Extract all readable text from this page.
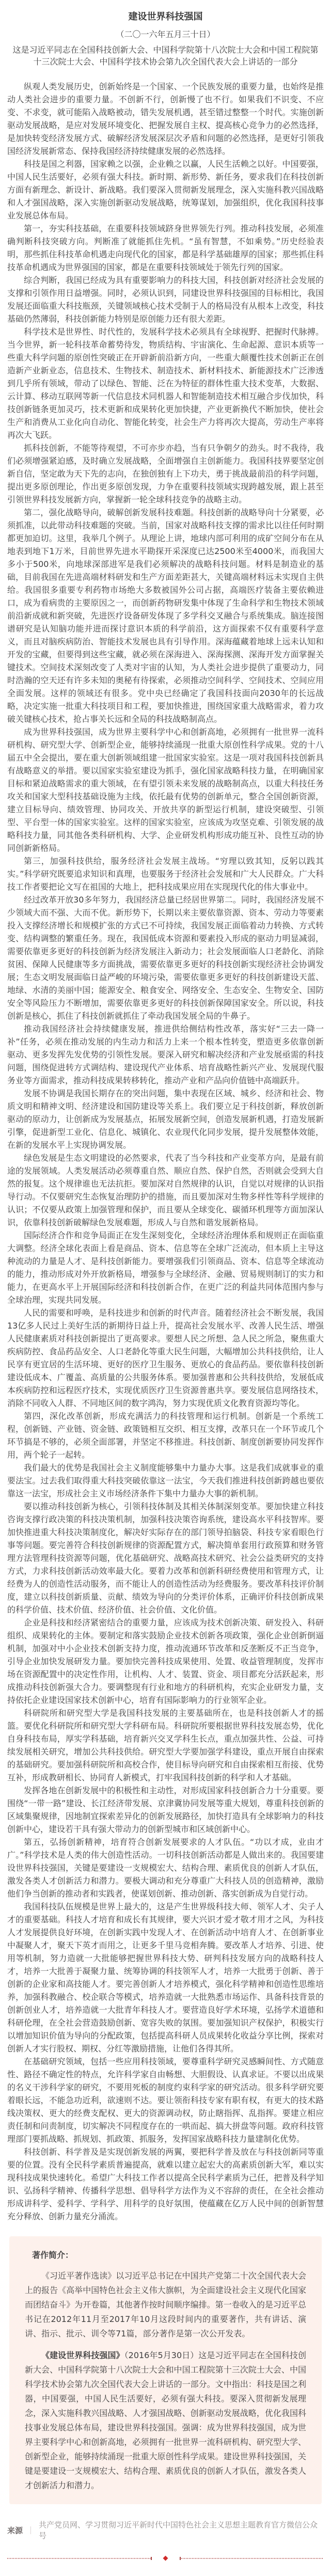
建设世界科技强国
（二〇一六年五月三十日）
这是习近平同志在全国科技创新大会、中国科学院第十八次院士大会和中国工程院第十三次院士大会、中国科学技术协会第九次全国代表大会上讲话的一部分

纵观人类发展历史，创新始终是一个国家、一个民族发展的重要力量，也始终是推动人类社会进步的重要力量。不创新不行，创新慢了也不行。如果我们不识变、不应变、不求变，就可能陷入战略被动，错失发展机遇，甚至错过整整一个时代。实施创新驱动发展战略，是应对发展环境变化、把握发展自主权、提高核心竞争力的必然选择，是加快转变经济发展方式、破解经济发展深层次矛盾和问题的必然选择，是更好引领我国经济发展新常态、保持我国经济持续健康发展的必然选择。

科技是国之利器，国家赖之以强，企业赖之以赢，人民生活赖之以好。中国要强，中国人民生活要好，必须有强大科技。新时期、新形势、新任务，要求我们在科技创新方面有新理念、新设计、新战略。我们要深入贯彻新发展理念，深入实施科教兴国战略和人才强国战略，深入实施创新驱动发展战略，统筹谋划，加强组织，优化我国科技事业发展总体布局。

第一，夯实科技基础，在重要科技领域跻身世界领先行列。推动科技发展，必须准确判断科技突破方向。判断准了就能抓住先机。“虽有智慧，不如乘势。”历史经验表明，那些抓住科技革命机遇走向现代化的国家，都是科学基础雄厚的国家；那些抓住科技革命机遇成为世界强国的国家，都是在重要科技领域处于领先行列的国家。

综合判断，我国已经成为具有重要影响力的科技大国，科技创新对经济社会发展的支撑和引领作用日益增强。同时，必须认识到，同建设世界科技强国的目标相比，我国发展还面临重大科技瓶颈，关键领域核心技术受制于人的格局没有从根本上改变，科技基础仍然薄弱，科技创新能力特别是原创能力还有很大差距。

科学技术是世界性、时代性的，发展科学技术必须具有全球视野、把握时代脉搏。当今世界，新一轮科技革命蓄势待发，物质结构、宇宙演化、生命起源、意识本质等一些重大科学问题的原创性突破正在开辟新前沿新方向，一些重大颠覆性技术创新正在创造新产业新业态，信息技术、生物技术、制造技术、新材料技术、新能源技术广泛渗透到几乎所有领域，带动了以绿色、智能、泛在为特征的群体性重大技术变革，大数据、云计算、移动互联网等新一代信息技术同机器人和智能制造技术相互融合步伐加快，科技创新链条更加灵巧，技术更新和成果转化更加快捷，产业更新换代不断加快，使社会生产和消费从工业化向自动化、智能化转变，社会生产力将再次大提高，劳动生产率将再次大飞跃。

抓科技创新，不能等待观望，不可亦步亦趋，当有只争朝夕的劲头。时不我待，我们必须增强紧迫感，及时确立发展战略，全面增强自主创新能力。我国科技界要坚定创新自信，坚定敢为天下先的志向，在独创独有上下功夫，勇于挑战最前沿的科学问题，提出更多原创理论，作出更多原创发现，力争在重要科技领域实现跨越发展，跟上甚至引领世界科技发展新方向，掌握新一轮全球科技竞争的战略主动。

第二，强化战略导向，破解创新发展科技难题。科技创新的战略导向十分紧要，必须抓准，以此带动科技难题的突破。当前，国家对战略科技支撑的需求比以往任何时期都更加迫切。这里，我举几个例子。从理论上讲，地球内部可利用的成矿空间分布在从地表到地下1万米，目前世界先进水平勘探开采深度已达2500米至4000米，而我国大多小于500米，向地球深部进军是我们必须解决的战略科技问题。材料是制造业的基础，目前我国在先进高端材料研发和生产方面差距甚大，关键高端材料远未实现自主供给。我国很多重要专利药物市场绝大多数被国外公司占据，高端医疗装备主要依赖进口，成为看病贵的主要原因之一，而创新药物研发集中体现了生命科学和生物技术领域前沿新成就和新突破，先进医疗设备研发体现了多学科交叉融合与系统集成。脑连接图谱研究是认知脑功能并进而探讨意识本质的科学前沿，这方面探索不仅有重要科学意义，而且对脑疾病防治、智能技术发展也具有引导作用。深海蕴藏着地球上远未认知和开发的宝藏，但要得到这些宝藏，就必须在深海进入、深海探测、深海开发方面掌握关键技术。空间技术深刻改变了人类对宇宙的认知，为人类社会进步提供了重要动力，同时浩瀚的空天还有许多未知的奥秘有待探索，必须推动空间科学、空间技术、空间应用全面发展。这样的领域还有很多。党中央已经确定了我国科技面向2030年的长远战略，决定实施一批重大科技项目和工程，要加快推进，围绕国家重大战略需求，着力攻破关键核心技术，抢占事关长远和全局的科技战略制高点。

成为世界科技强国，成为世界主要科学中心和创新高地，必须拥有一批世界一流科研机构、研究型大学、创新型企业，能够持续涌现一批重大原创性科学成果。党的十八届五中全会提出，要在重大创新领域组建一批国家实验室。这是一项对我国科技创新具有战略意义的举措。要以国家实验室建设为抓手，强化国家战略科技力量，在明确国家目标和紧迫战略需求的重大领域，在有望引领未来发展的战略制高点，以重大科技任务攻关和国家大型科技基础设施为主线，依托最有优势的创新单元，整合全国创新资源，建立目标导向、绩效管理、协同攻关、开放共享的新型运行机制，建设突破型、引领型、平台型一体的国家实验室。这样的国家实验室，应该成为攻坚克难、引领发展的战略科技力量，同其他各类科研机构、大学、企业研发机构形成功能互补、良性互动的协同创新新格局。

第三，加强科技供给，服务经济社会发展主战场。“穷理以致其知，反躬以践其实。”科学研究既要追求知识和真理，也要服务于经济社会发展和广大人民群众。广大科技工作者要把论文写在祖国的大地上，把科技成果应用在实现现代化的伟大事业中。

经过改革开放30多年努力，我国经济总量已经居世界第二。同时，我国经济发展不少领域大而不强、大而不优。新形势下，长期以来主要依靠资源、资本、劳动力等要素投入支撑经济增长和规模扩张的方式已不可持续，我国发展正面临着动力转换、方式转变、结构调整的繁重任务。现在，我国低成本资源和要素投入形成的驱动力明显减弱，需要依靠更多更好的科技创新为经济发展注入新动力；社会发展面临人口老龄化、消除贫困、保障人民健康等多方面挑战，需要依靠更多更好的科技创新实现经济社会协调发展；生态文明发展面临日益严峻的环境污染，需要依靠更多更好的科技创新建设天蓝、地绿、水清的美丽中国；能源安全、粮食安全、网络安全、生态安全、生物安全、国防安全等风险压力不断增加，需要依靠更多更好的科技创新保障国家安全。所以说，科技创新是核心，抓住了科技创新就抓住了牵动我国发展全局的牛鼻子。

推动我国经济社会持续健康发展，推进供给侧结构性改革，落实好“三去一降一补”任务，必须在推动发展的内生动力和活力上来一个根本性转变，塑造更多依靠创新驱动、更多发挥先发优势的引领性发展。要深入研究和解决经济和产业发展亟需的科技问题，围绕促进转方式调结构、建设现代产业体系、培育战略性新兴产业、发展现代服务业等方面需求，推动科技成果转移转化，推动产业和产品向价值链中高端跃升。

发展不协调是我国长期存在的突出问题，集中表现在区域、城乡、经济和社会、物质文明和精神文明、经济建设和国防建设等关系上。我们要立足于科技创新，释放创新驱动的原动力，让创新成为发展基点，拓展发展新空间，创造发展新机遇，打造发展新引擎，促进新型工业化、信息化、城镇化、农业现代化同步发展，提升发展整体效能，在新的发展水平上实现协调发展。

绿色发展是生态文明建设的必然要求，代表了当今科技和产业变革方向，是最有前途的发展领域。人类发展活动必须尊重自然、顺应自然、保护自然，否则就会受到大自然的报复。这个规律谁也无法抗拒。要加深对自然规律的认识，自觉以对规律的认识指导行动。不仅要研究生态恢复治理防护的措施，而且要加深对生物多样性等科学规律的认识；不仅要从政策上加强管理和保护，而且要从全球变化、碳循环机理等方面加深认识，依靠科技创新破解绿色发展难题，形成人与自然和谐发展新格局。

国际经济合作和竞争局面正在发生深刻变化，全球经济治理体系和规则正在面临重大调整。经济全球化表面上看是商品、资本、信息等在全球广泛流动，但本质上主导这种流动的力量是人才、是科技创新能力。要增强我们引领商品、资本、信息等全球流动的能力，推动形成对外开放新格局，增强参与全球经济、金融、贸易规则制订的实力和能力，在更高水平上开展国际经济和科技创新合作，在更广泛的利益共同体范围内参与全球治理，实现共同发展。

人民的需要和呼唤，是科技进步和创新的时代声音。随着经济社会不断发展，我国13亿多人民过上美好生活的新期待日益上升，提高社会发展水平、改善人民生活、增强人民健康素质对科技创新提出了更高要求。要想人民之所想、急人民之所急，聚焦重大疾病防控、食品药品安全、人口老龄化等重大民生问题，大幅增加公共科技供给，让人民享有更宜居的生活环境、更好的医疗卫生服务、更放心的食品药品。要依靠科技创新建设低成本、广覆盖、高质量的公共服务体系。要加强普惠和公共科技供给，发展低成本疾病防控和远程医疗技术，实现优质医疗卫生资源普惠共享。要发展信息网络技术，消除不同收入人群、不同地区间的数字鸿沟，努力实现优质文化教育资源均等化。

第四，深化改革创新，形成充满活力的科技管理和运行机制。创新是一个系统工程，创新链、产业链、资金链、政策链相互交织、相互支撑，改革只在一个环节或几个环节搞是不够的，必须全面部署，并坚定不移推进。科技创新、制度创新要协同发挥作用，两个轮子一起转。

我们最大的优势是我国社会主义制度能够集中力量办大事。这是我们成就事业的重要法宝。过去我们取得重大科技突破依靠这一法宝，今天我们推进科技创新跨越也要依靠这一法宝，形成社会主义市场经济条件下集中力量办大事的新机制。

要以推动科技创新为核心，引领科技体制及其相关体制深刻变革。要加快建立科技咨询支撑行政决策的科技决策机制，加强科技决策咨询系统，建设高水平科技智库。要加快推进重大科技决策制度化，解决好实际存在的部门领导拍脑袋、科技专家看眼色行事等问题。要完善符合科技创新规律的资源配置方式，解决简单套用行政预算和财务管理方法管理科技资源等问题，优化基础研究、战略高技术研究、社会公益类研究的支持方式，力求科技创新活动效率最大化。要着力改革和创新科研经费使用和管理方式，让经费为人的创造性活动服务，而不能让人的创造性活动为经费服务。要改革科技评价制度，建立以科技创新质量、贡献、绩效为导向的分类评价体系，正确评价科技创新成果的科学价值、技术价值、经济价值、社会价值、文化价值。

企业是科技和经济紧密结合的重要力量，应该成为技术创新决策、研发投入、科研组织、成果转化的主体。要制定和落实鼓励企业技术创新各项政策，强化企业创新倒逼机制，加强对中小企业技术创新支持力度，推动流通环节改革和反垄断反不正当竞争，引导企业加快发展研发力量。要加快完善科技成果使用、处置、收益管理制度，发挥市场在资源配置中的决定性作用，让机构、人才、装置、资金、项目都充分活跃起来，形成推动科技创新强大合力。要调整现有行业和地方的科研机构，充实企业研发力量，支持依托企业建设国家技术创新中心，培育有国际影响力的行业领军企业。

科研院所和研究型大学是我国科技发展的主要基础所在，也是科技创新人才的摇篮。要优化科研院所和研究型大学科研布局。科研院所要根据世界科技发展态势，优化自身科技布局，厚实学科基础，培育新兴交叉学科生长点，重点加强共性、公益、可持续发展相关研究，增加公共科技供给。研究型大学要加强学科建设，重点开展自由探索的基础研究。要加强科研院所和高校合作，使目标导向研究和自由探索相互衔接、优势互补，形成教研相长、协同育人新模式，打牢我国科技创新的科学和人才基础。

发挥各地在创新发展中的积极性和主动性，对形成国家科技创新合力十分重要。要围绕“一带一路”建设、长江经济带发展、京津冀协同发展等重大规划，尊重科技创新的区域集聚规律，因地制宜探索差异化的创新发展路径，加快打造具有全球影响力的科技创新中心，建设若干具有强大带动力的创新型城市和区域创新中心。

第五，弘扬创新精神，培育符合创新发展要求的人才队伍。“功以才成，业由才广。”科学技术是人类的伟大创造性活动。一切科技创新活动都是人做出来的。我国要建设世界科技强国，关键是要建设一支规模宏大、结构合理、素质优良的创新人才队伍，激发各类人才创新活力和潜力。要极大调动和充分尊重广大科技人员的创造精神，激励他们争当创新的推动者和实践者，使谋划创新、推动创新、落实创新成为自觉行动。

我国科技队伍规模是世界上最大的，这是产生世界级科技大师、领军人才、尖子人才的重要基础。科技人才培育和成长有其规律，要大兴识才爱才敬才用才之风，为科技人才发展提供良好环境，在创新实践中发现人才、在创新活动中培育人才、在创新事业中凝聚人才，聚天下英才而用之，让更多千里马竞相奔腾。要改革人才培养、引进、使用等机制，努力造就一大批能够把握世界科技大势、研判科技发展方向的战略科技人才，培养一大批善于凝聚力量、统筹协调的科技领军人才，培养一大批勇于创新、善于创新的企业家和高技能人才。要完善创新人才培养模式，强化科学精神和创造性思维培养，加强科教融合、校企联合等模式，培养造就一大批熟悉市场运作、具备科技背景的创新创业人才，培养造就一大批青年科技人才。要营造良好学术环境，弘扬学术道德和科研伦理，在全社会营造鼓励创新、宽容失败的氛围。要加强知识产权保护，积极实行以增加知识价值为导向的分配政策，包括提高科研人员成果转化收益分享比例，探索对创新人才实行股权、期权、分红等激励措施，让他们各得其所。

在基础研究领域，包括一些应用科技领域，要尊重科学研究灵感瞬间性、方式随意性、路径不确定性的特点，允许科学家自由畅想、大胆假设、认真求证。不要以出成果的名义干涉科学家的研究，不要用死板的制度约束科学家的研究活动。很多科学研究要着眼长远，不能急功近利，欲速则不达。要让领衔科技专家有职有权，有更大的技术路线决策权、更大的经费支配权、更大的资源调动权，防止瞎指挥、乱指挥。要建立相应责任制和问责制度，切实解决不同程度存在的一哄而起、搞大拼盘等问题。政府科技管理部门要抓战略、抓规划、抓政策、抓服务，发挥国家战略科技力量建制化优势。

科技创新、科学普及是实现创新发展的两翼，要把科学普及放在与科技创新同等重要的位置。没有全民科学素质普遍提高，就难以建立起宏大的高素质创新大军，难以实现科技成果快速转化。希望广大科技工作者以提高全民科学素质为己任，把普及科学知识、弘扬科学精神、传播科学思想、倡导科学方法作为义不容辞的责任，在全社会推动形成讲科学、爱科学、学科学、用科学的良好氛围，使蕴藏在亿万人民中间的创新智慧充分释放、创新力量充分涌流。

著作简介：

《习近平著作选读》以习近平总书记在中国共产党第二十次全国代表大会上的报告《高举中国特色社会主义伟大旗帜，为全面建设社会主义现代化国家而团结奋斗》为开卷篇，其他著作按时间顺序编排。第一卷收入的是习近平总书记在2012年11月至2017年10月这段时间内的重要著作，共有讲话、演讲、指示、批示、训令等71篇，部分著作是第一次公开发表。

《建设世界科技强国》（2016年5月30日）这是习近平同志在全国科技创新大会、中国科学院第十八次院士大会和中国工程院第十三次院士大会、中国科学技术协会第九次全国代表大会上讲话的一部分。文中指出：科技是国之利器，中国要强，中国人民生活要好，必须有强大科技。要深入贯彻新发展理念，深入实施科教兴国战略、人才强国战略、创新驱动发展战略，优化我国科技事业发展总体布局，建设世界科技强国。强调：成为世界科技强国，成为世界主要科学中心和创新高地，必须拥有一批世界一流科研机构、研究型大学、创新型企业，能够持续涌现一批重大原创性科学成果。建设世界科技强国，关键是要建设一支规模宏大、结构合理、素质优良的创新人才队伍，激发各类人才创新活力和潜力。

来源 ｜
共产党员网、学习贯彻习近平新时代中国特色社会主义思想主题教育官方微信公众号
◆
